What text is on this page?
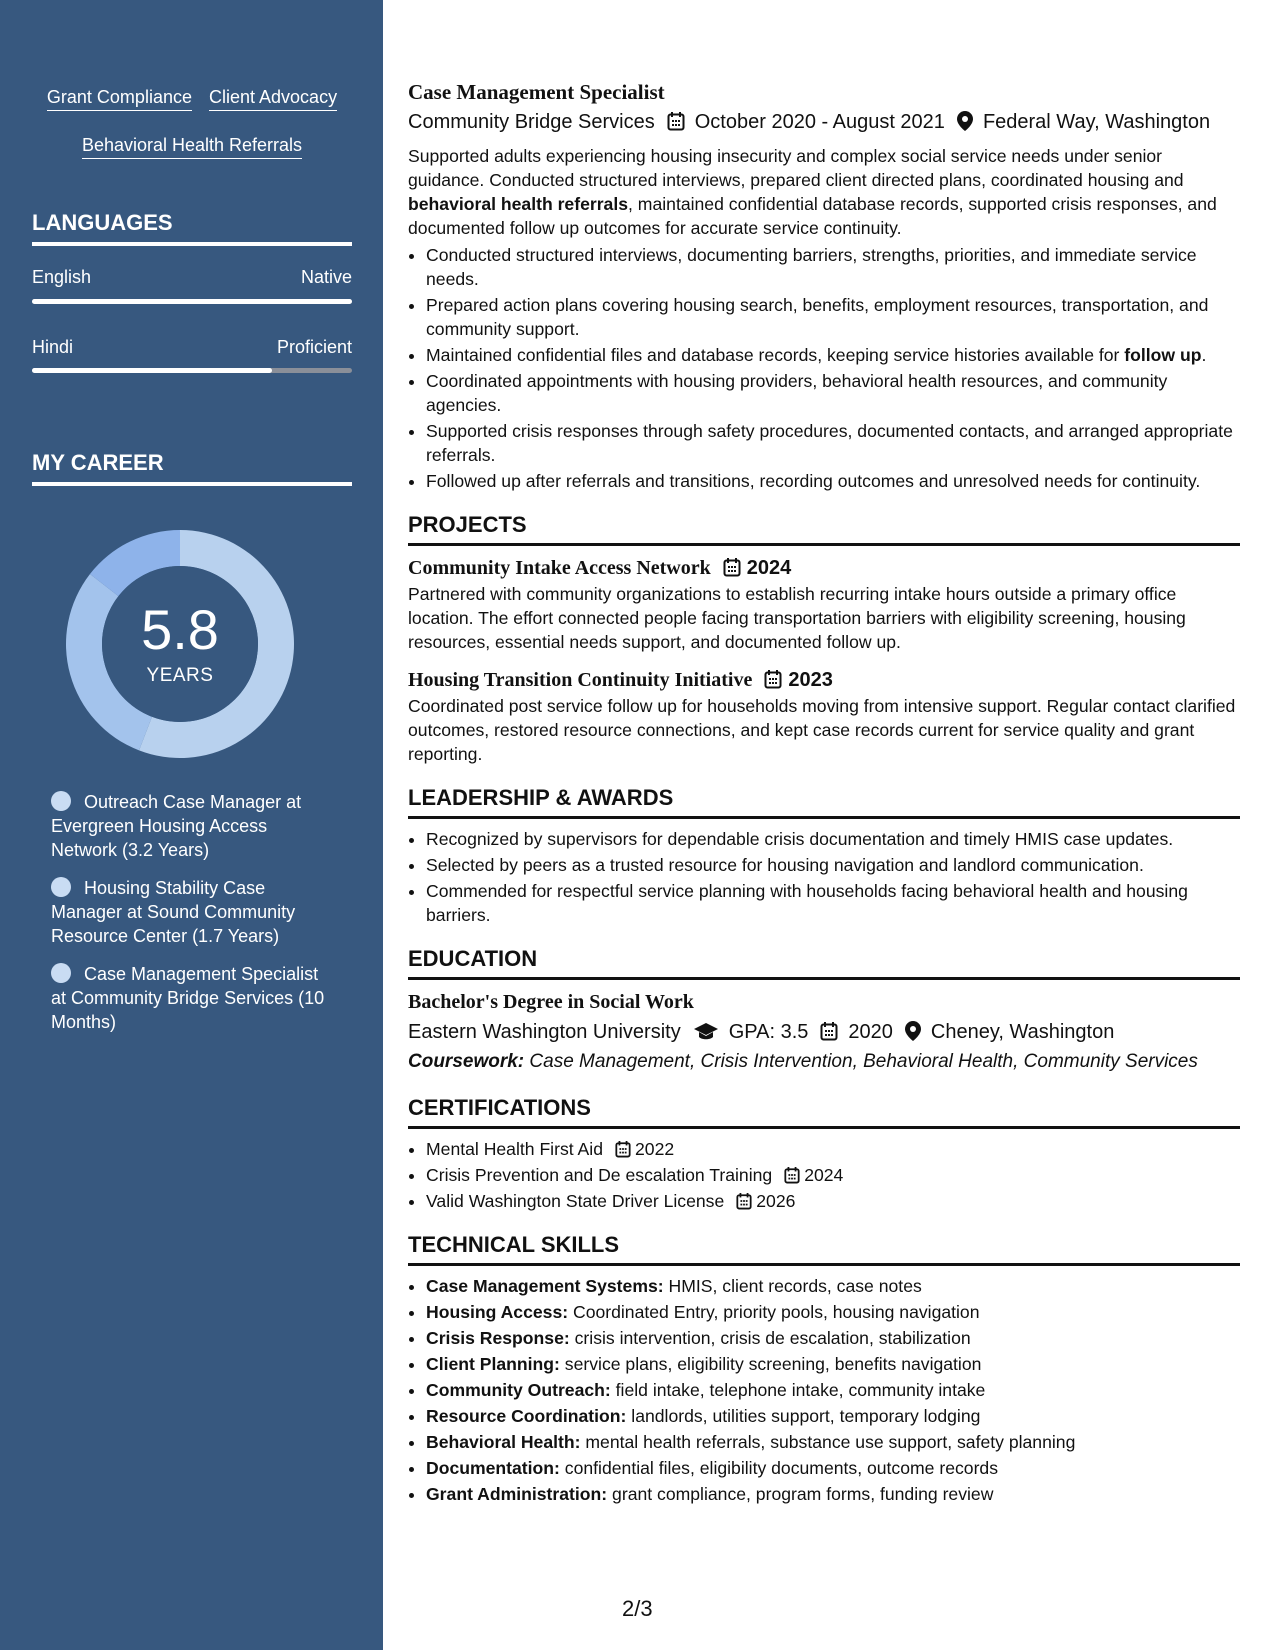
Grant Compliance Client Advocacy Behavioral Health Referrals
LANGUAGES
English	Native
Hindi	Proficient
MY CAREER
5.8
YEARS
Outreach Case Manager at Evergreen Housing Access Network (3.2 Years)
Housing Stability Case Manager at Sound Community Resource Center (1.7 Years)
Case Management Specialist at Community Bridge Services (10 Months)
Case Management Specialist
Community Bridge Services October 2020 - August 2021 Federal Way, Washington

Supported adults experiencing housing insecurity and complex social service needs under senior guidance. Conducted structured interviews, prepared client directed plans, coordinated housing and behavioral health referrals, maintained confidential database records, supported crisis responses, and documented follow up outcomes for accurate service continuity.

• Conducted structured interviews, documenting barriers, strengths, priorities, and immediate service needs.
• Prepared action plans covering housing search, benefits, employment resources, transportation, and community support.
• Maintained confidential files and database records, keeping service histories available for follow up.
• Coordinated appointments with housing providers, behavioral health resources, and community agencies.
• Supported crisis responses through safety procedures, documented contacts, and arranged appropriate referrals.
• Followed up after referrals and transitions, recording outcomes and unresolved needs for continuity.
PROJECTS
Community Intake Access Network 2024

Partnered with community organizations to establish recurring intake hours outside a primary office location. The effort connected people facing transportation barriers with eligibility screening, housing resources, essential needs support, and documented follow up.

Housing Transition Continuity Initiative 2023

Coordinated post service follow up for households moving from intensive support. Regular contact clarified outcomes, restored resource connections, and kept case records current for service quality and grant reporting.

LEADERSHIP & AWARDS
• Recognized by supervisors for dependable crisis documentation and timely HMIS case updates.
• Selected by peers as a trusted resource for housing navigation and landlord communication.
• Commended for respectful service planning with households facing behavioral health and housing barriers.
EDUCATION
Bachelor's Degree in Social Work
Eastern Washington University GPA: 3.5 2020 Cheney, Washington
Coursework: Case Management, Crisis Intervention, Behavioral Health, Community Services
CERTIFICATIONS
• Mental Health First Aid 2022
• Crisis Prevention and De escalation Training 2024
• Valid Washington State Driver License 2026
TECHNICAL SKILLS
• Case Management Systems: HMIS, client records, case notes
• Housing Access: Coordinated Entry, priority pools, housing navigation
• Crisis Response: crisis intervention, crisis de escalation, stabilization
• Client Planning: service plans, eligibility screening, benefits navigation
• Community Outreach: field intake, telephone intake, community intake
• Resource Coordination: landlords, utilities support, temporary lodging
• Behavioral Health: mental health referrals, substance use support, safety planning
• Documentation: confidential files, eligibility documents, outcome records
• Grant Administration: grant compliance, program forms, funding review
2/3
